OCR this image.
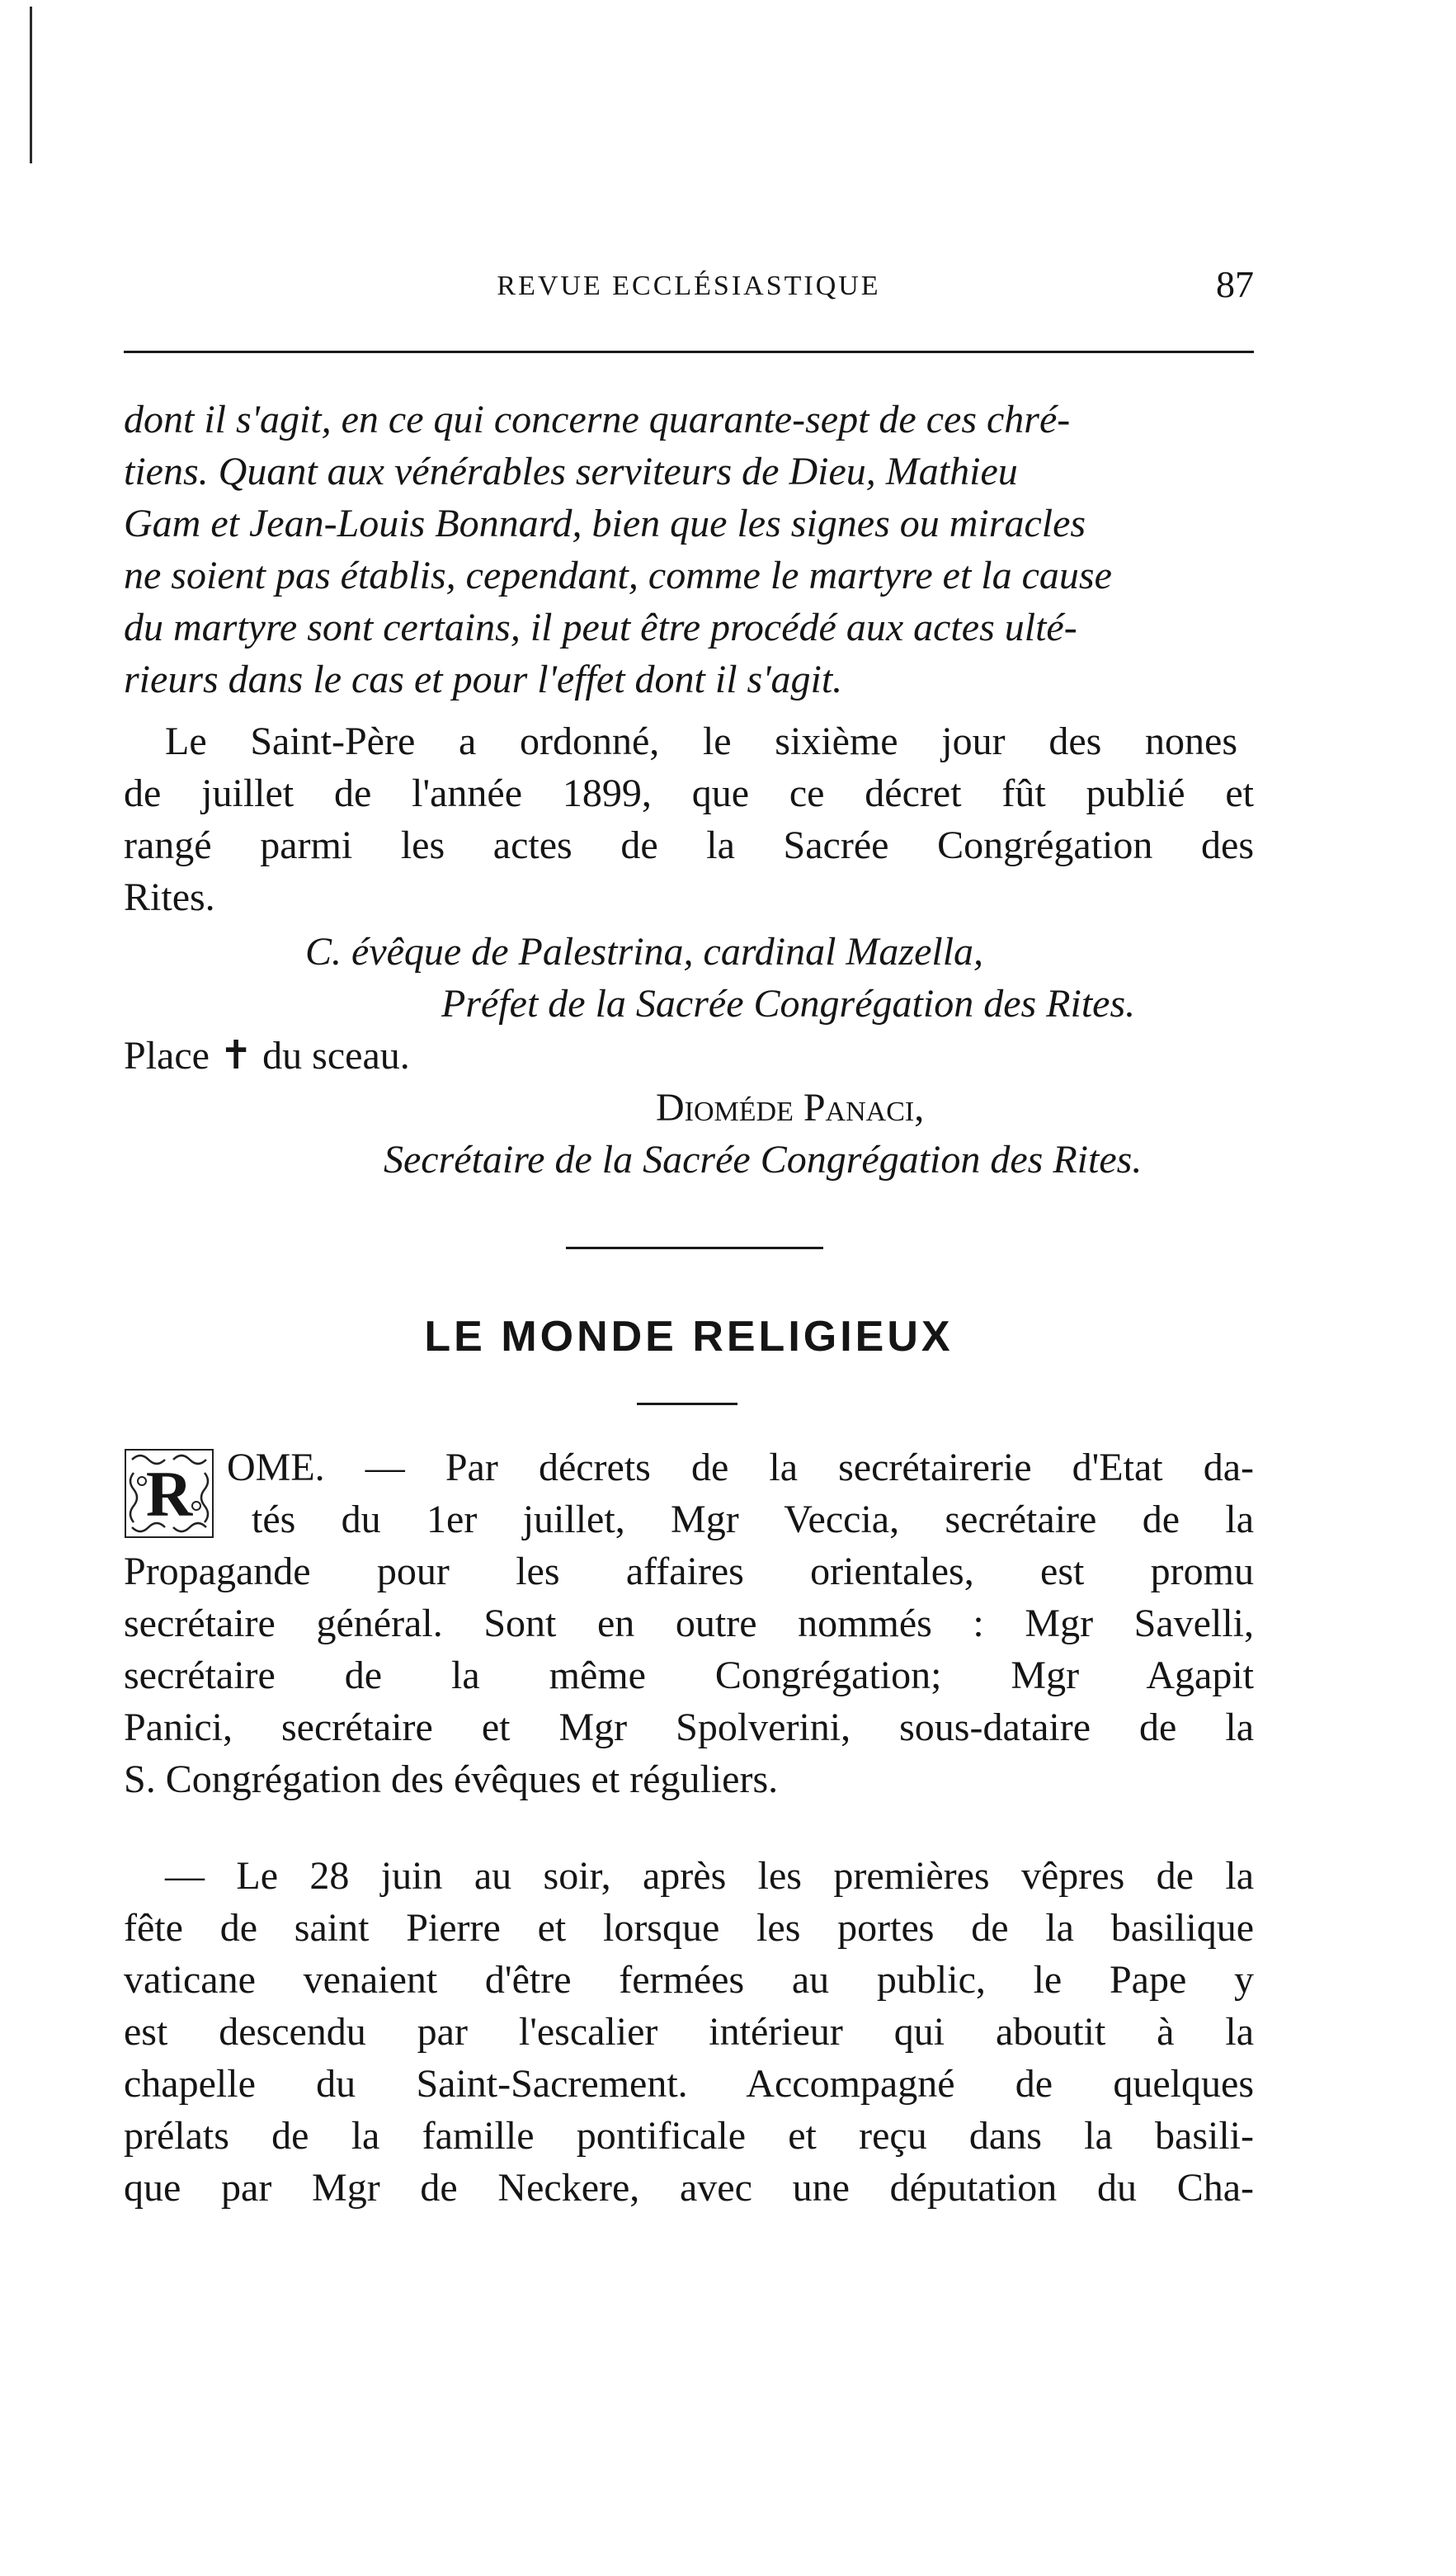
REVUE ECCLÉSIASTIQUE	87
dont il s'agit, en ce qui concerne quarante-sept de ces chré-
tiens. Quant aux vénérables serviteurs de Dieu, Mathieu
Gam et Jean-Louis Bonnard, bien que les signes ou miracles
ne soient pas établis, cependant, comme le martyre et la cause
du martyre sont certains, il peut être procédé aux actes ulté-
rieurs dans le cas et pour l'effet dont il s'agit.
Le Saint-Père a ordonné, le sixième jour des nones
de juillet de l'année 1899, que ce décret fût publié et
rangé parmi les actes de la Sacrée Congrégation des
Rites.
C. évêque de Palestrina, cardinal Mazella,
Préfet de la Sacrée Congrégation des Rites.
Place ✝ du sceau.
Dioméde Panaci,
Secrétaire de la Sacrée Congrégation des Rites.
LE MONDE RELIGIEUX
R OME. — Par décrets de la secrétairerie d'Etat da-
tés du 1er juillet, Mgr Veccia, secrétaire de la
Propagande pour les affaires orientales, est promu
secrétaire général. Sont en outre nommés : Mgr Savelli,
secrétaire de la même Congrégation; Mgr Agapit
Panici, secrétaire et Mgr Spolverini, sous-dataire de la
S. Congrégation des évêques et réguliers.
— Le 28 juin au soir, après les premières vêpres de la
fête de saint Pierre et lorsque les portes de la basilique
vaticane venaient d'être fermées au public, le Pape y
est descendu par l'escalier intérieur qui aboutit à la
chapelle du Saint-Sacrement. Accompagné de quelques
prélats de la famille pontificale et reçu dans la basili-
que par Mgr de Neckere, avec une députation du Cha-
